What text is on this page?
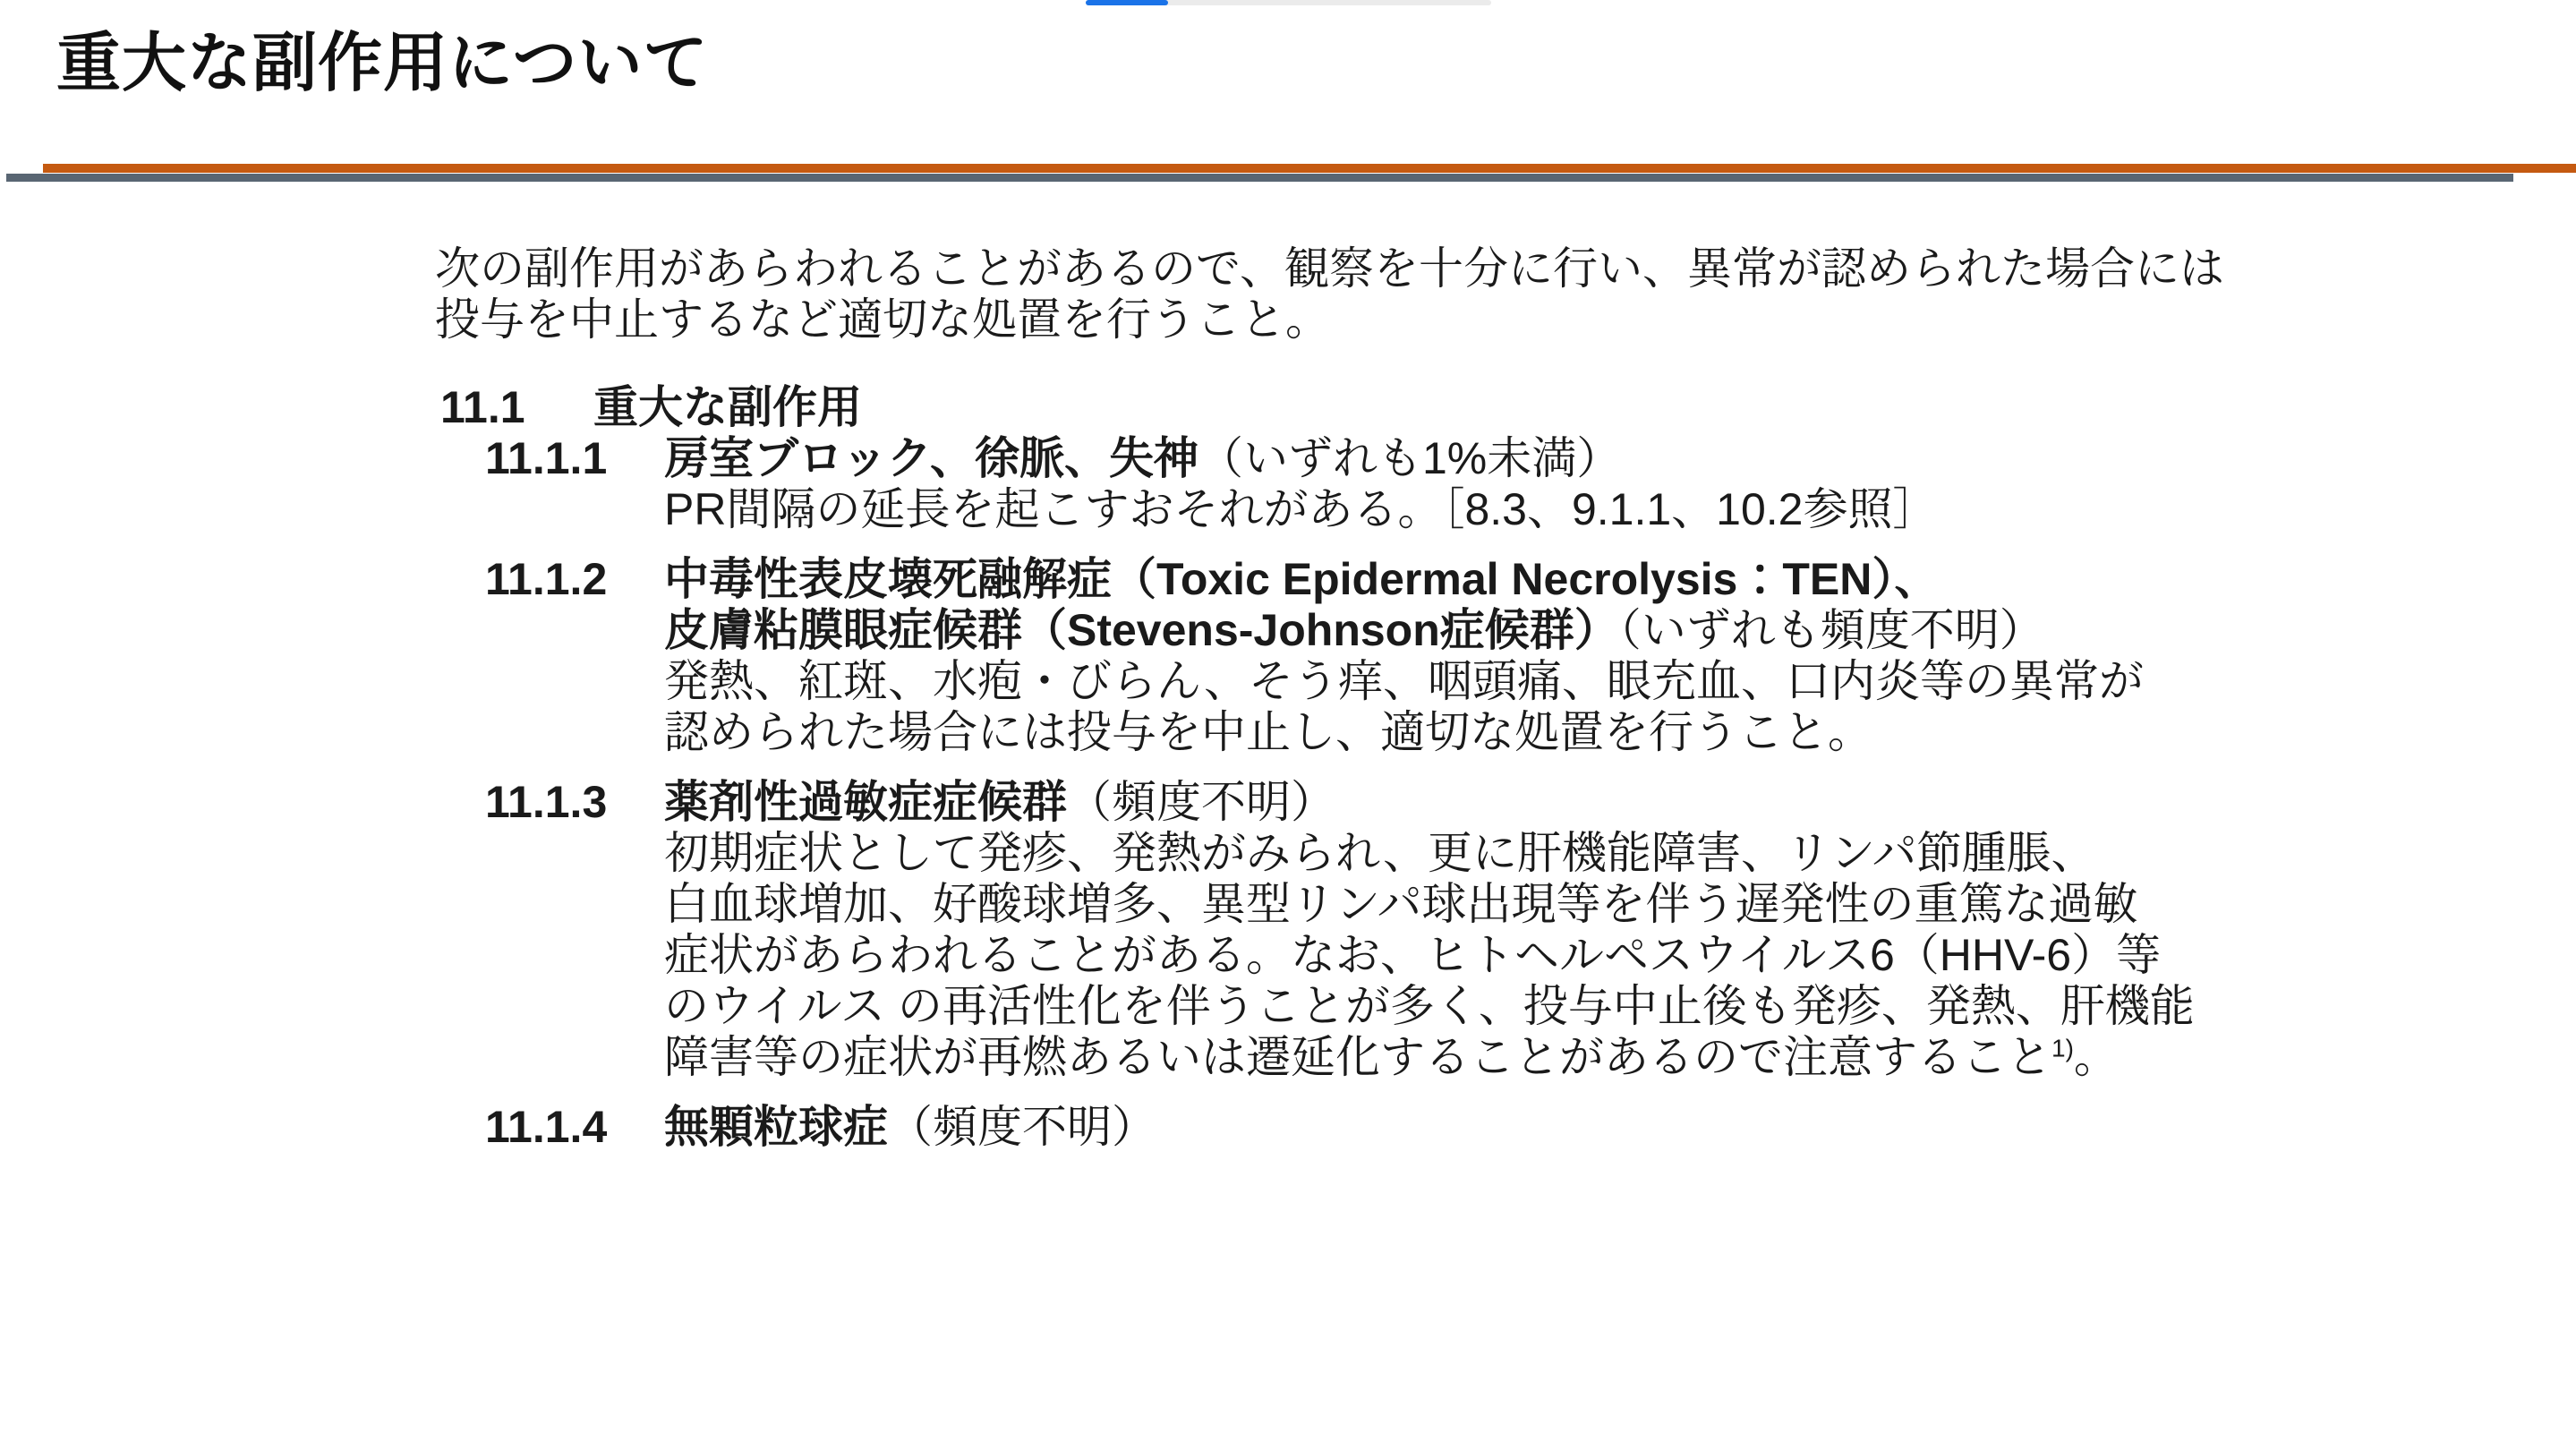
重大な副作用について

次の副作用があらわれることがあるので、観察を十分に行い、異常が認められた場合には
投与を中止するなど適切な処置を行うこと。

11.1	重大な副作用
11.1.1	房室ブロック、徐脈、失神（いずれも1%未満）
PR間隔の延長を起こすおそれがある。［8.3、9.1.1、10.2参照］
11.1.2	中毒性表皮壊死融解症（Toxic Epidermal Necrolysis：TEN）、
皮膚粘膜眼症候群（Stevens-Johnson症候群）（いずれも頻度不明）
発熱、紅斑、水疱・びらん、そう痒、咽頭痛、眼充血、口内炎等の異常が
認められた場合には投与を中止し、適切な処置を行うこと。
11.1.3	薬剤性過敏症症候群（頻度不明）
初期症状として発疹、発熱がみられ、更に肝機能障害、リンパ節腫脹、
白血球増加、好酸球増多、異型リンパ球出現等を伴う遅発性の重篤な過敏
症状があらわれることがある。なお、ヒトヘルペスウイルス6（HHV-6）等
のウイルス の再活性化を伴うことが多く、投与中止後も発疹、発熱、肝機能
障害等の症状が再燃あるいは遷延化することがあるので注意すること$^{1)}$。
11.1.4	無顆粒球症（頻度不明）
